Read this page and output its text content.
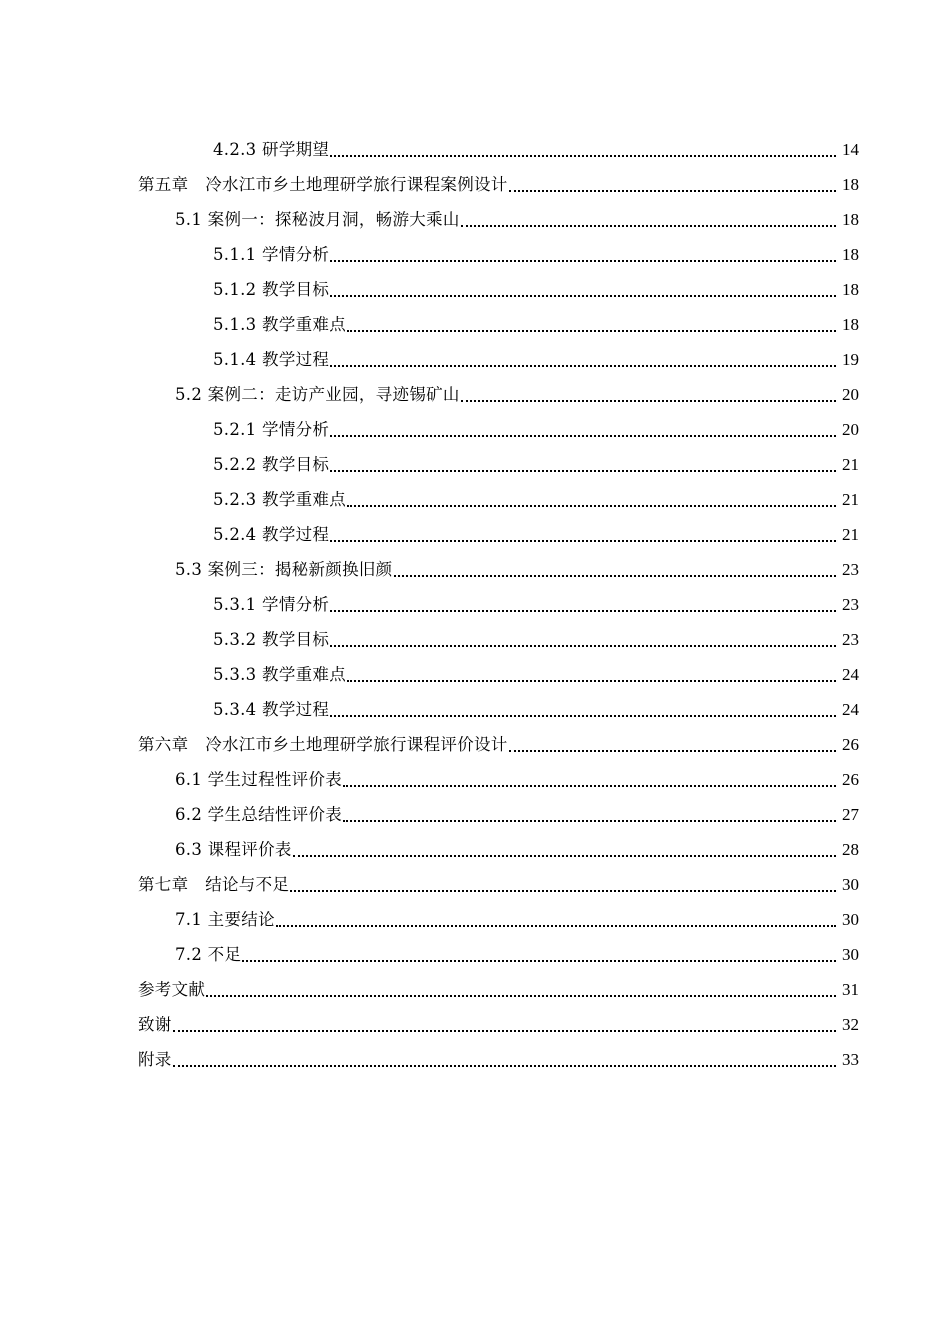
4.2.3 研学期望	14
第五章　冷水江市乡土地理研学旅行课程案例设计	18
5.1 案例一：探秘波月洞，畅游大乘山	18
5.1.1 学情分析	18
5.1.2 教学目标	18
5.1.3 教学重难点	18
5.1.4 教学过程	19
5.2 案例二：走访产业园，寻迹锡矿山	20
5.2.1 学情分析	20
5.2.2 教学目标	21
5.2.3 教学重难点	21
5.2.4 教学过程	21
5.3 案例三：揭秘新颜换旧颜	23
5.3.1 学情分析	23
5.3.2 教学目标	23
5.3.3 教学重难点	24
5.3.4 教学过程	24
第六章　冷水江市乡土地理研学旅行课程评价设计	26
6.1 学生过程性评价表	26
6.2 学生总结性评价表	27
6.3 课程评价表	28
第七章　结论与不足	30
7.1 主要结论	30
7.2 不足	30
参考文献	31
致谢	32
附录	33
